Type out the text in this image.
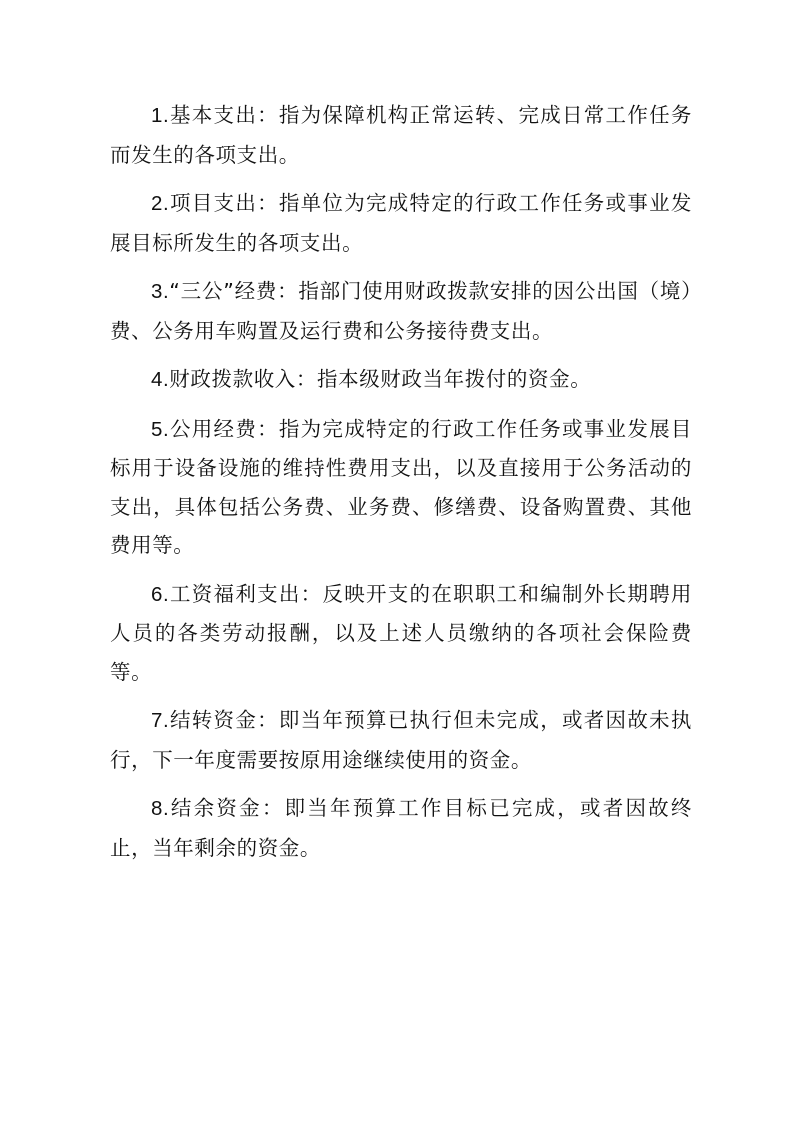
1.基本支出：指为保障机构正常运转、完成日常工作任务而发生的各项支出。

2.项目支出：指单位为完成特定的行政工作任务或事业发展目标所发生的各项支出。

3.“三公”经费：指部门使用财政拨款安排的因公出国（境）费、公务用车购置及运行费和公务接待费支出。

4.财政拨款收入：指本级财政当年拨付的资金。

5.公用经费：指为完成特定的行政工作任务或事业发展目标用于设备设施的维持性费用支出，以及直接用于公务活动的支出，具体包括公务费、业务费、修缮费、设备购置费、其他费用等。

6.工资福利支出：反映开支的在职职工和编制外长期聘用人员的各类劳动报酬，以及上述人员缴纳的各项社会保险费等。

7.结转资金：即当年预算已执行但未完成，或者因故未执行，下一年度需要按原用途继续使用的资金。

8.结余资金：即当年预算工作目标已完成，或者因故终止，当年剩余的资金。
